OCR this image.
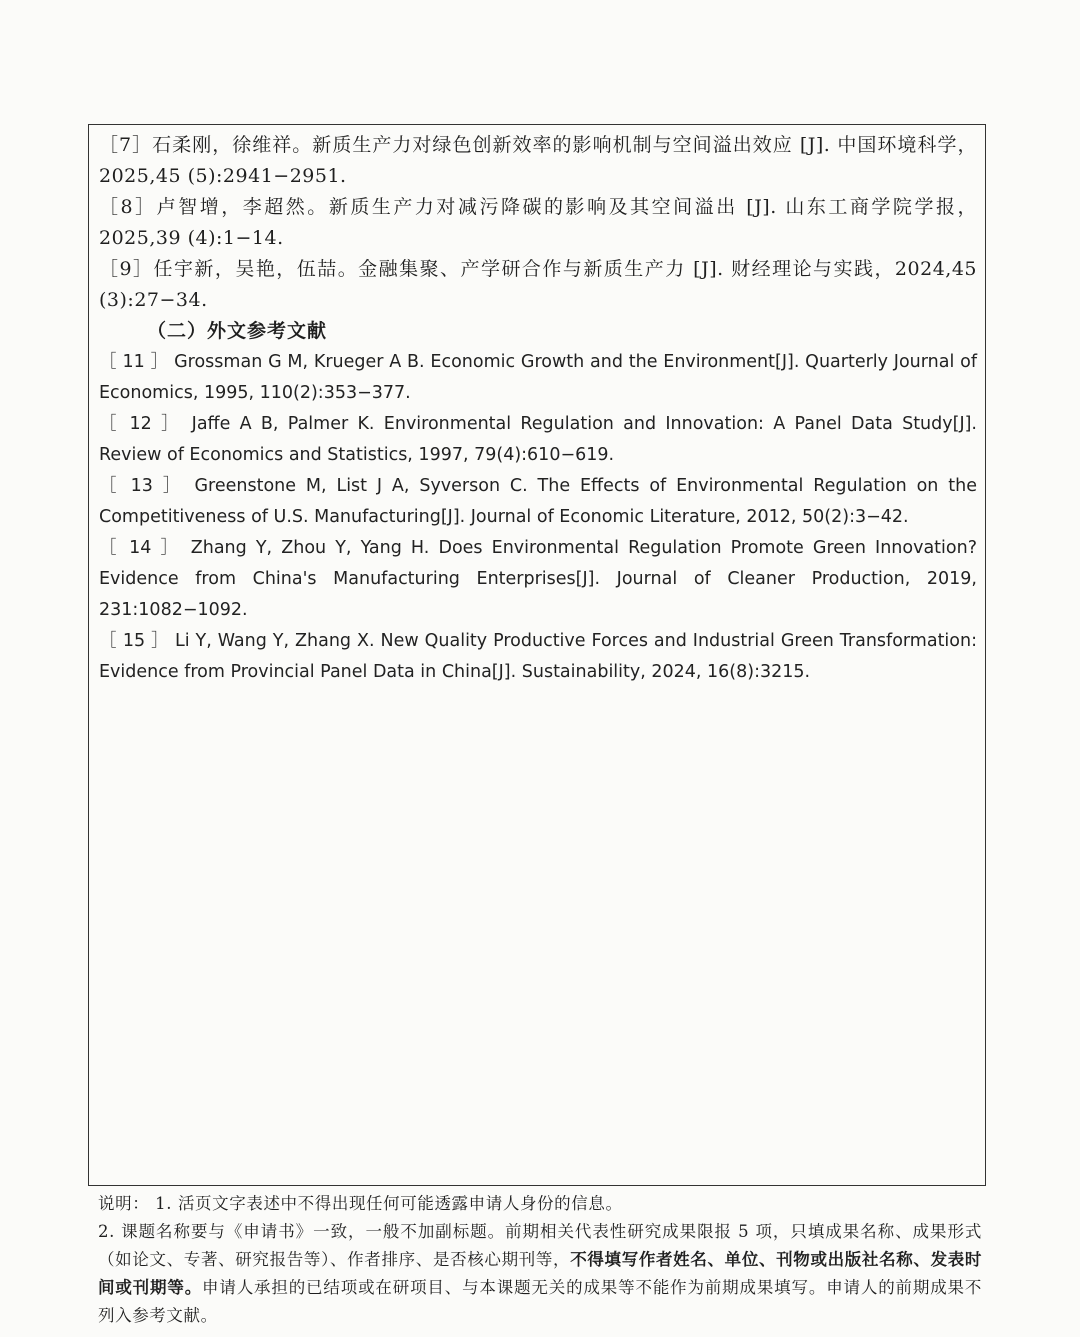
［7］石柔刚，徐维祥。新质生产力对绿色创新效率的影响机制与空间溢出效应 [J]. 中国环境科学，2025,45 (5):2941−2951.

［8］卢智增，李超然。新质生产力对减污降碳的影响及其空间溢出 [J]. 山东工商学院学报，2025,39 (4):1−14.

［9］任宇新，吴艳，伍喆。金融集聚、产学研合作与新质生产力 [J]. 财经理论与实践，2024,45 (3):27−34.

（二）外文参考文献

［ 11 ］ Grossman G M, Krueger A B. Economic Growth and the Environment[J]. Quarterly Journal of Economics, 1995, 110(2):353−377.

［ 12 ］ Jaffe A B, Palmer K. Environmental Regulation and Innovation: A Panel Data Study[J]. Review of Economics and Statistics, 1997, 79(4):610−619.

［ 13 ］ Greenstone M, List J A, Syverson C. The Effects of Environmental Regulation on the Competitiveness of U.S. Manufacturing[J]. Journal of Economic Literature, 2012, 50(2):3−42.

［ 14 ］ Zhang Y, Zhou Y, Yang H. Does Environmental Regulation Promote Green Innovation? Evidence from China's Manufacturing Enterprises[J]. Journal of Cleaner Production, 2019, 231:1082−1092.

［ 15 ］ Li Y, Wang Y, Zhang X. New Quality Productive Forces and Industrial Green Transformation: Evidence from Provincial Panel Data in China[J]. Sustainability, 2024, 16(8):3215.

说明： 1. 活页文字表述中不得出现任何可能透露申请人身份的信息。

2. 课题名称要与《申请书》一致，一般不加副标题。前期相关代表性研究成果限报 5 项，只填成果名称、成果形式（如论文、专著、研究报告等）、作者排序、是否核心期刊等，不得填写作者姓名、单位、刊物或出版社名称、发表时间或刊期等。申请人承担的已结项或在研项目、与本课题无关的成果等不能作为前期成果填写。申请人的前期成果不列入参考文献。
